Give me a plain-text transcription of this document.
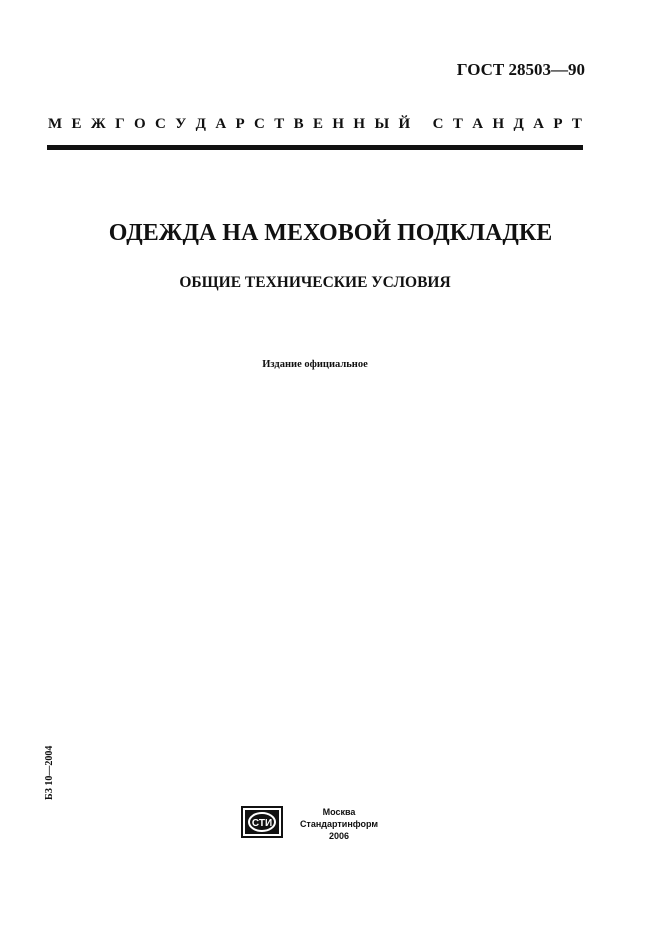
ГОСТ 28503—90
М Е Ж Г О С У Д А Р С Т В Е Н Н Ы Й
С Т А Н Д А Р Т
ОДЕЖДА НА МЕХОВОЙ ПОДКЛАДКЕ
ОБЩИЕ ТЕХНИЧЕСКИЕ УСЛОВИЯ
Издание официальное
БЗ 10—2004
СТИ
Москва
Стандартинформ
2006
